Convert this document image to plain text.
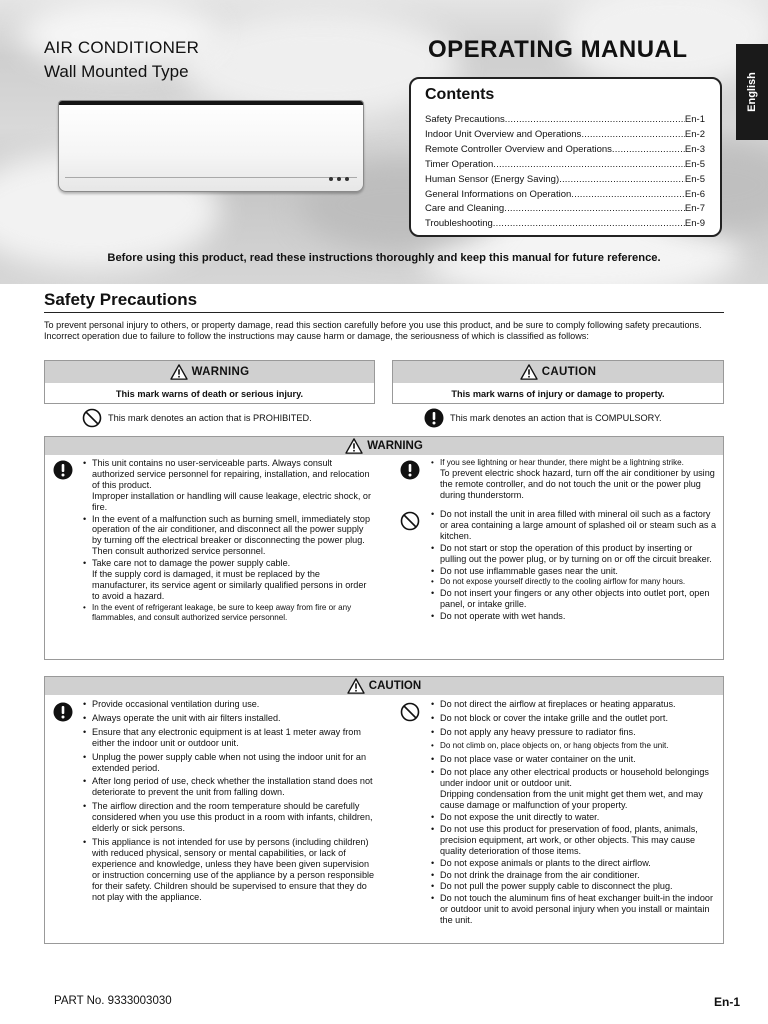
AIR CONDITIONER
Wall Mounted Type
OPERATING MANUAL
Contents
Safety Precautions .....	En-1
Indoor Unit Overview and Operations .....	En-2
Remote Controller Overview and Operations .....	En-3
Timer Operation .....	En-5
Human Sensor (Energy Saving) .....	En-5
General Informations on Operation .....	En-6
Care and Cleaning .....	En-7
Troubleshooting .....	En-9
Before using this product, read these instructions thoroughly and keep this manual for future reference.
English
Safety Precautions
To prevent personal injury to others, or property damage, read this section carefully before you use this product, and be sure to comply following safety precautions.
Incorrect operation due to failure to follow the instructions may cause harm or damage, the seriousness of which is classified as follows:
WARNING
This mark warns of death or serious injury.
CAUTION
This mark warns of injury or damage to property.
This mark denotes an action that is PROHIBITED.	This mark denotes an action that is COMPULSORY.
WARNING
• This unit contains no user-serviceable parts. Always consult authorized service personnel for repairing, installation, and relocation of this product.
Improper installation or handling will cause leakage, electric shock, or fire.
• In the event of a malfunction such as burning smell, immediately stop operation of the air conditioner, and disconnect all the power supply by turning off the electrical breaker or disconnecting the power plug. Then consult authorized service personnel.
• Take care not to damage the power supply cable.
If the supply cord is damaged, it must be replaced by the manufacturer, its service agent or similarly qualified persons in order to avoid a hazard.
• In the event of refrigerant leakage, be sure to keep away from fire or any flammables, and consult authorized service personnel.
• If you see lightning or hear thunder, there might be a lightning strike.
To prevent electric shock hazard, turn off the air conditioner by using the remote controller, and do not touch the unit or the power plug during thunderstorm.
• Do not install the unit in area filled with mineral oil such as a factory or area containing a large amount of splashed oil or steam such as a kitchen.
• Do not start or stop the operation of this product by inserting or pulling out the power plug, or by turning on or off the circuit breaker.
• Do not use inflammable gases near the unit.
• Do not expose yourself directly to the cooling airflow for many hours.
• Do not insert your fingers or any other objects into outlet port, open panel, or intake grille.
• Do not operate with wet hands.
CAUTION
• Provide occasional ventilation during use.
• Always operate the unit with air filters installed.
• Ensure that any electronic equipment is at least 1 meter away from either the indoor unit or outdoor unit.
• Unplug the power supply cable when not using the indoor unit for an extended period.
• After long period of use, check whether the installation stand does not deteriorate to prevent the unit from falling down.
• The airflow direction and the room temperature should be carefully considered when you use this product in a room with infants, children, elderly or sick persons.
• This appliance is not intended for use by persons (including children) with reduced physical, sensory or mental capabilities, or lack of experience and knowledge, unless they have been given supervision or instruction concerning use of the appliance by a person responsible for their safety. Children should be supervised to ensure that they do not play with the appliance.
• Do not direct the airflow at fireplaces or heating apparatus.
• Do not block or cover the intake grille and the outlet port.
• Do not apply any heavy pressure to radiator fins.
• Do not climb on, place objects on, or hang objects from the unit.
• Do not place vase or water container on the unit.
• Do not place any other electrical products or household belongings under indoor unit or outdoor unit.
Dripping condensation from the unit might get them wet, and may cause damage or malfunction of your property.
• Do not expose the unit directly to water.
• Do not use this product for preservation of food, plants, animals, precision equipment, art work, or other objects. This may cause quality deterioration of those items.
• Do not expose animals or plants to the direct airflow.
• Do not drink the drainage from the air conditioner.
• Do not pull the power supply cable to disconnect the plug.
• Do not touch the aluminum fins of heat exchanger built-in the indoor or outdoor unit to avoid personal injury when you install or maintain the unit.
PART No. 9333003030	En-1
